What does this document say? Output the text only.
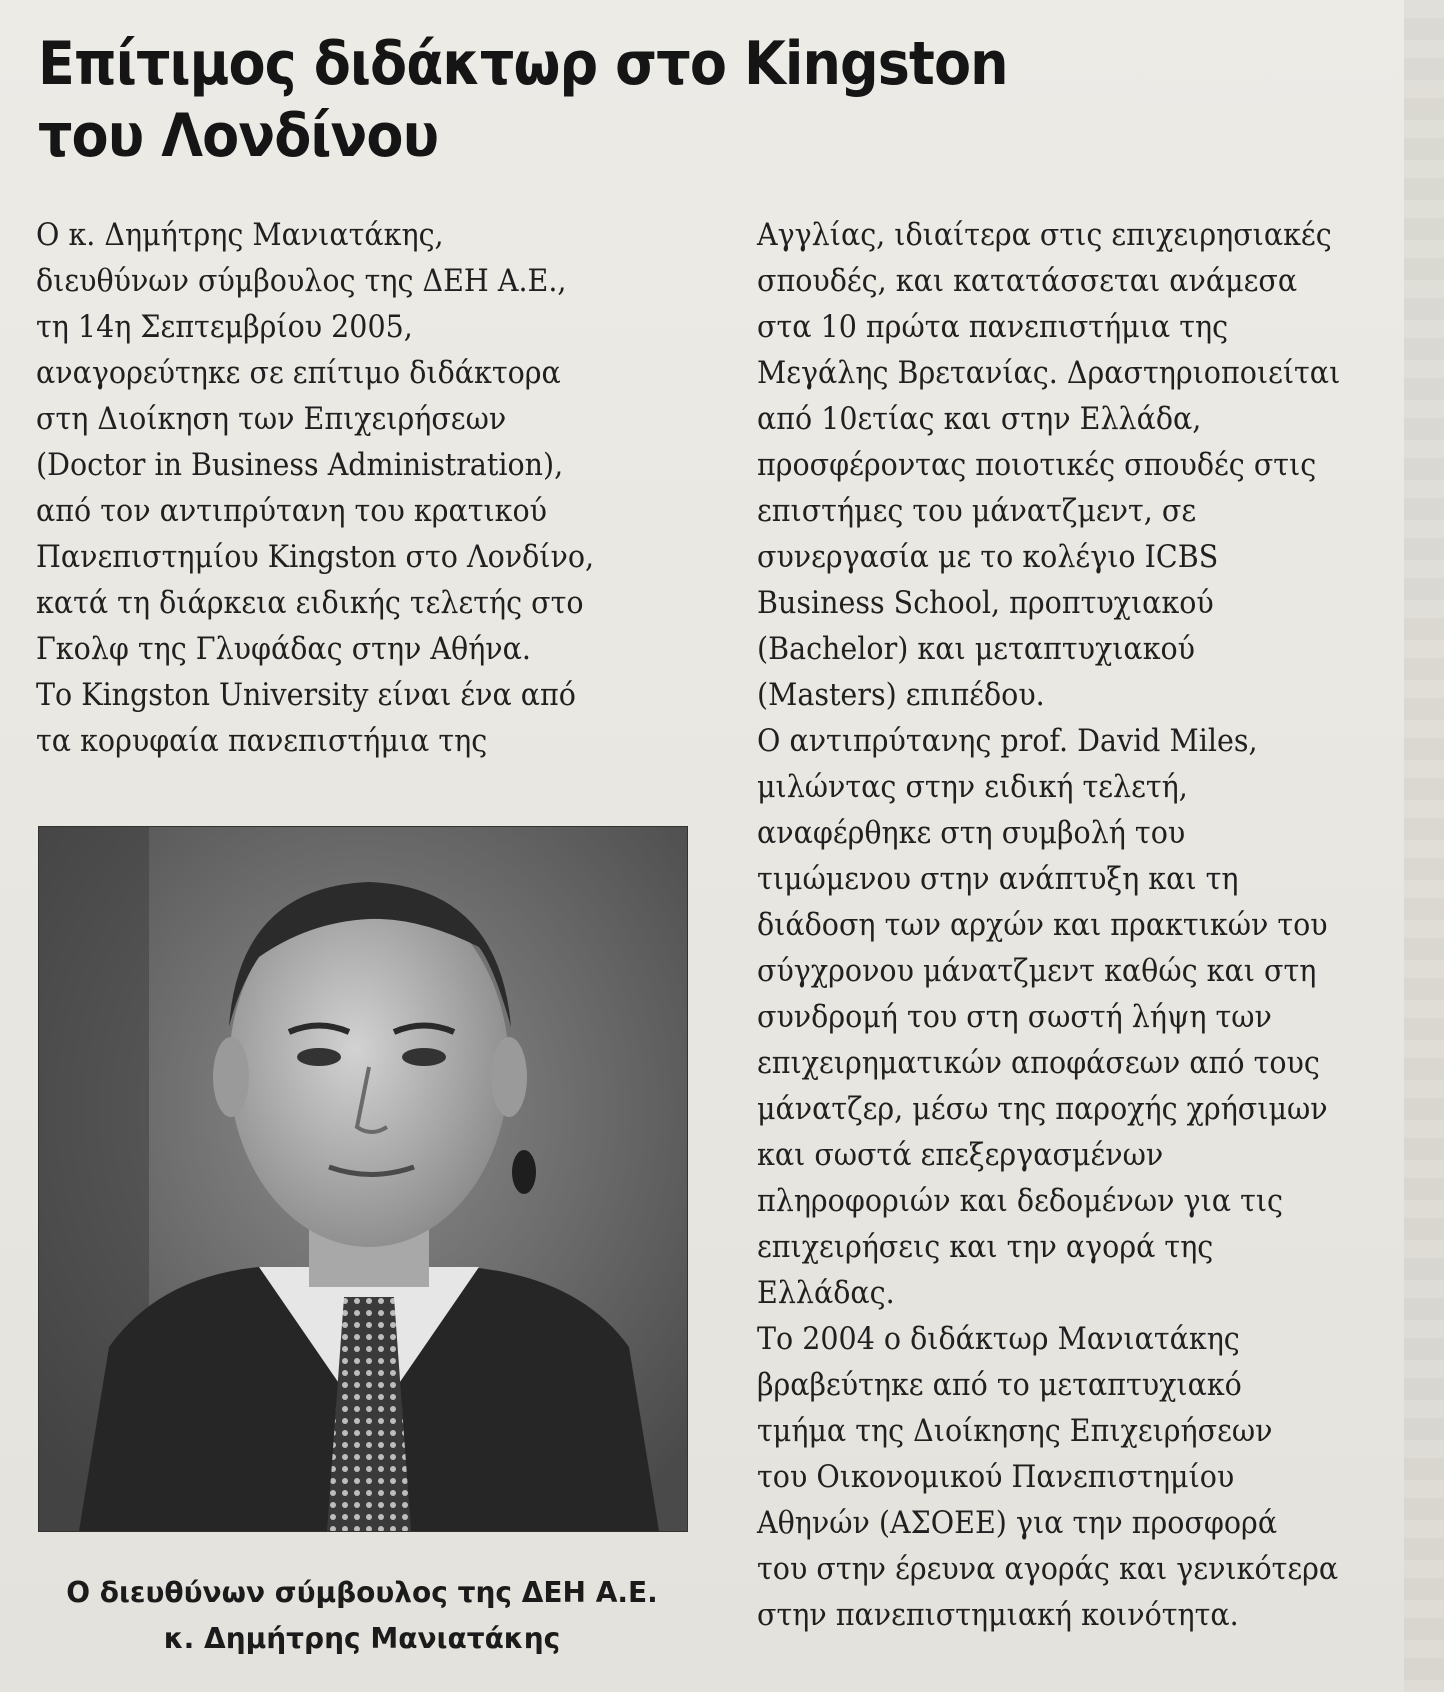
Επίτιμος διδάκτωρ στο Kingston
του Λονδίνου
Ο κ. Δημήτρης Μανιατάκης,
διευθύνων σύμβουλος της ΔΕΗ Α.Ε.,
τη 14η Σεπτεμβρίου 2005,
αναγορεύτηκε σε επίτιμο διδάκτορα
στη Διοίκηση των Επιχειρήσεων
(Doctor in Business Administration),
από τον αντιπρύτανη του κρατικού
Πανεπιστημίου Kingston στο Λονδίνο,
κατά τη διάρκεια ειδικής τελετής στο
Γκολφ της Γλυφάδας στην Αθήνα.
Το Kingston University είναι ένα από
τα κορυφαία πανεπιστήμια της
Ο διευθύνων σύμβουλος της ΔΕΗ Α.Ε.
κ. Δημήτρης Μανιατάκης
Αγγλίας, ιδιαίτερα στις επιχειρησιακές
σπουδές, και κατατάσσεται ανάμεσα
στα 10 πρώτα πανεπιστήμια της
Μεγάλης Βρετανίας. Δραστηριοποιείται
από 10ετίας και στην Ελλάδα,
προσφέροντας ποιοτικές σπουδές στις
επιστήμες του μάνατζμεντ, σε
συνεργασία με το κολέγιο ICBS
Business School, προπτυχιακού
(Bachelor) και μεταπτυχιακού
(Masters) επιπέδου.
Ο αντιπρύτανης prof. David Miles,
μιλώντας στην ειδική τελετή,
αναφέρθηκε στη συμβολή του
τιμώμενου στην ανάπτυξη και τη
διάδοση των αρχών και πρακτικών του
σύγχρονου μάνατζμεντ καθώς και στη
συνδρομή του στη σωστή λήψη των
επιχειρηματικών αποφάσεων από τους
μάνατζερ, μέσω της παροχής χρήσιμων
και σωστά επεξεργασμένων
πληροφοριών και δεδομένων για τις
επιχειρήσεις και την αγορά της
Ελλάδας.
Το 2004 ο διδάκτωρ Μανιατάκης
βραβεύτηκε από το μεταπτυχιακό
τμήμα της Διοίκησης Επιχειρήσεων
του Οικονομικού Πανεπιστημίου
Αθηνών (ΑΣΟΕΕ) για την προσφορά
του στην έρευνα αγοράς και γενικότερα
στην πανεπιστημιακή κοινότητα.
